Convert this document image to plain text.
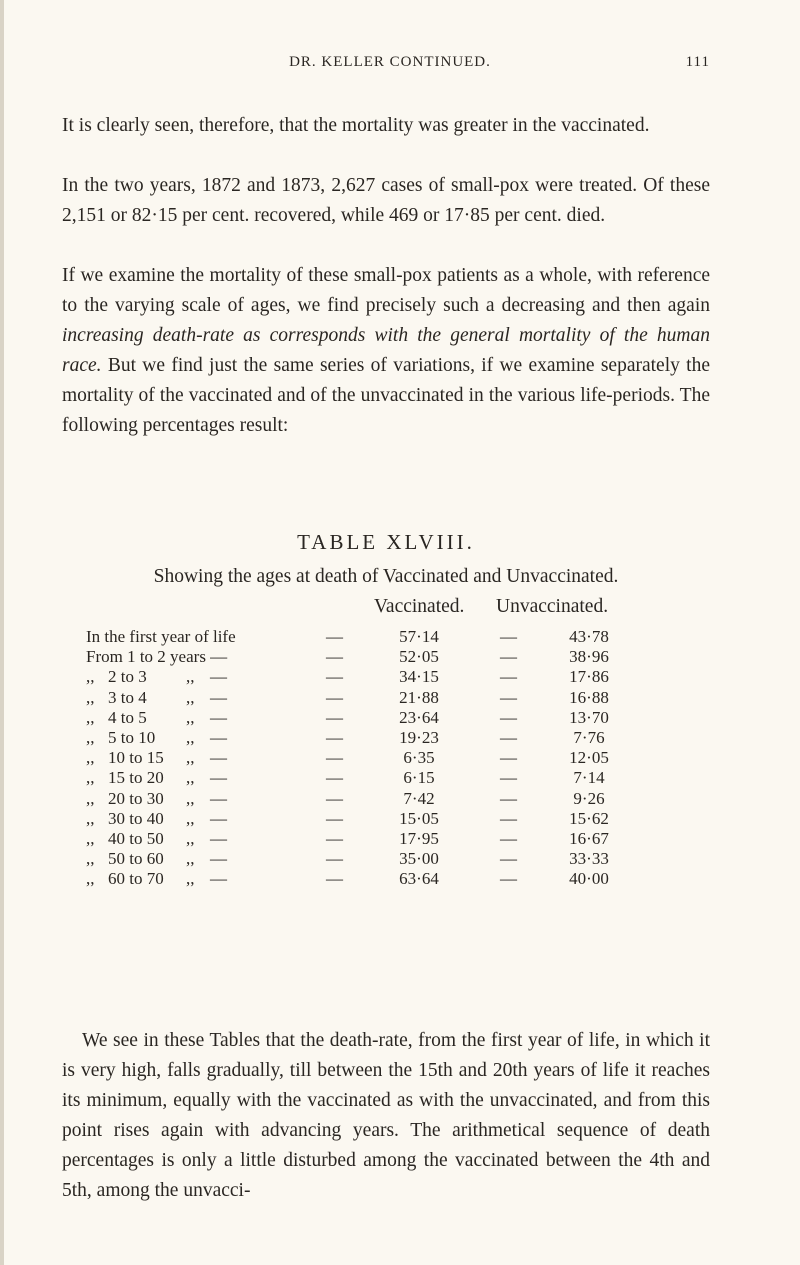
DR. KELLER CONTINUED.	111

It is clearly seen, therefore, that the mortality was greater in the vaccinated.

In the two years, 1872 and 1873, 2,627 cases of small-pox were treated. Of these 2,151 or 82·15 per cent. recovered, while 469 or 17·85 per cent. died.

If we examine the mortality of these small-pox patients as a whole, with reference to the varying scale of ages, we find precisely such a decreasing and then again increasing death-rate as corresponds with the general mortality of the human race. But we find just the same series of variations, if we examine separately the mortality of the vaccinated and of the unvaccinated in the various life-periods. The following percentages result:

TABLE XLVIII.
Showing the ages at death of Vaccinated and Unvaccinated.
Vaccinated. Unvaccinated.
In the first year of life	—	57·14	—	43·78
From 1 to 2 years —	—	52·05	—	38·96
,, 2 to 3 ,, —	—	34·15	—	17·86
,, 3 to 4 ,, —	—	21·88	—	16·88
,, 4 to 5 ,, —	—	23·64	—	13·70
,, 5 to 10 ,, —	—	19·23	—	7·76
,, 10 to 15 ,, —	—	6·35	—	12·05
,, 15 to 20 ,, —	—	6·15	—	7·14
,, 20 to 30 ,, —	—	7·42	—	9·26
,, 30 to 40 ,, —	—	15·05	—	15·62
,, 40 to 50 ,, —	—	17·95	—	16·67
,, 50 to 60 ,, —	—	35·00	—	33·33
,, 60 to 70 ,, —	—	63·64	—	40·00

We see in these Tables that the death-rate, from the first year of life, in which it is very high, falls gradually, till between the 15th and 20th years of life it reaches its minimum, equally with the vaccinated as with the unvaccinated, and from this point rises again with advancing years. The arithmetical sequence of death percentages is only a little disturbed among the vaccinated between the 4th and 5th, among the unvacci-
